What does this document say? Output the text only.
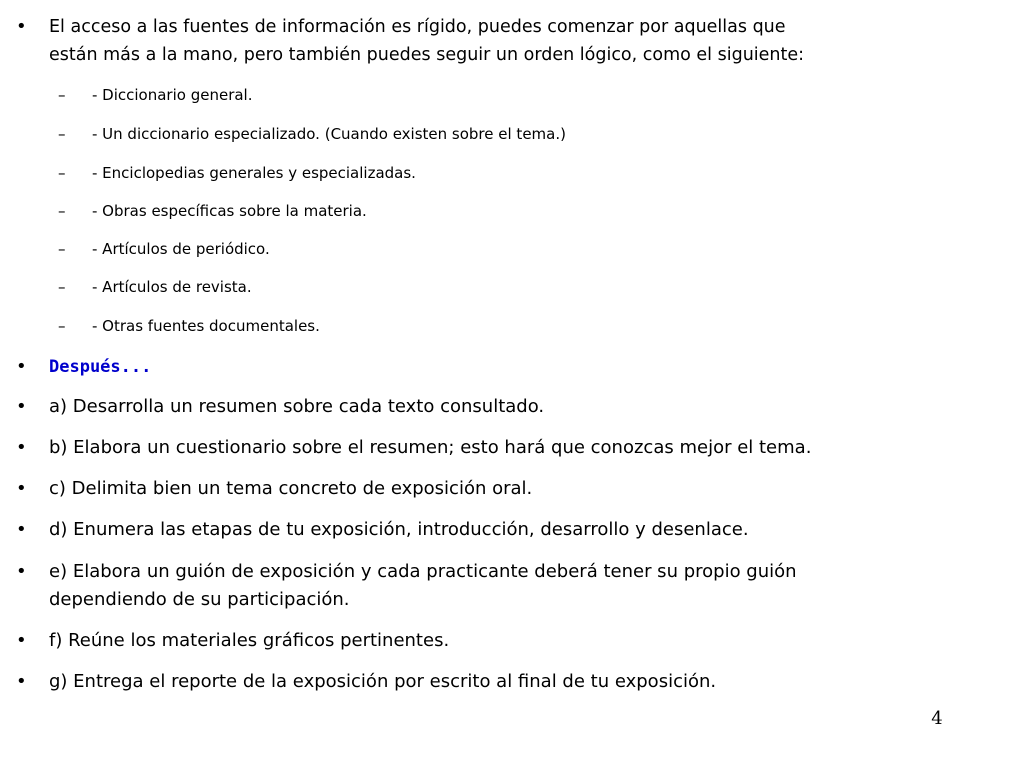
• El acceso a las fuentes de información es rígido, puedes comenzar por aquellas que
están más a la mano, pero también puedes seguir un orden lógico, como el siguiente:
– - Diccionario general.
– - Un diccionario especializado. (Cuando existen sobre el tema.)
– - Enciclopedias generales y especializadas.
– - Obras específicas sobre la materia.
– - Artículos de periódico.
– - Artículos de revista.
– - Otras fuentes documentales.
• Después...
• a) Desarrolla un resumen sobre cada texto consultado.
• b) Elabora un cuestionario sobre el resumen; esto hará que conozcas mejor el tema.
• c) Delimita bien un tema concreto de exposición oral.
• d) Enumera las etapas de tu exposición, introducción, desarrollo y desenlace.
• e) Elabora un guión de exposición y cada practicante deberá tener su propio guión
dependiendo de su participación.
• f) Reúne los materiales gráficos pertinentes.
• g) Entrega el reporte de la exposición por escrito al final de tu exposición.
4
